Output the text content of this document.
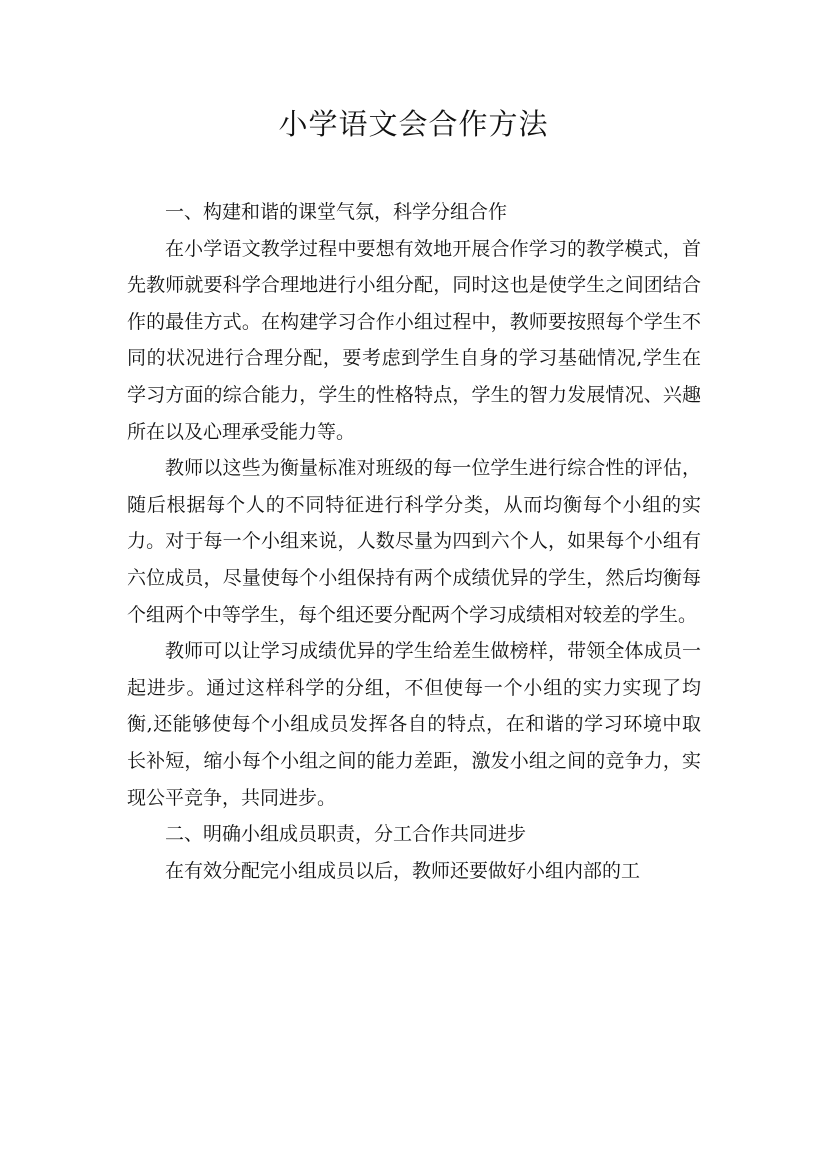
小学语文会合作方法

一、构建和谐的课堂气氛，科学分组合作

在小学语文教学过程中要想有效地开展合作学习的教学模式，首先教师就要科学合理地进行小组分配，同时这也是使学生之间团结合作的最佳方式。在构建学习合作小组过程中，教师要按照每个学生不同的状况进行合理分配，要考虑到学生自身的学习基础情况,学生在学习方面的综合能力，学生的性格特点，学生的智力发展情况、兴趣所在以及心理承受能力等。

教师以这些为衡量标准对班级的每一位学生进行综合性的评估，随后根据每个人的不同特征进行科学分类，从而均衡每个小组的实力。对于每一个小组来说，人数尽量为四到六个人，如果每个小组有六位成员，尽量使每个小组保持有两个成绩优异的学生，然后均衡每个组两个中等学生，每个组还要分配两个学习成绩相对较差的学生。

教师可以让学习成绩优异的学生给差生做榜样，带领全体成员一起进步。通过这样科学的分组，不但使每一个小组的实力实现了均衡,还能够使每个小组成员发挥各自的特点，在和谐的学习环境中取长补短，缩小每个小组之间的能力差距，激发小组之间的竞争力，实现公平竞争，共同进步。

二、明确小组成员职责，分工合作共同进步

在有效分配完小组成员以后，教师还要做好小组内部的工
